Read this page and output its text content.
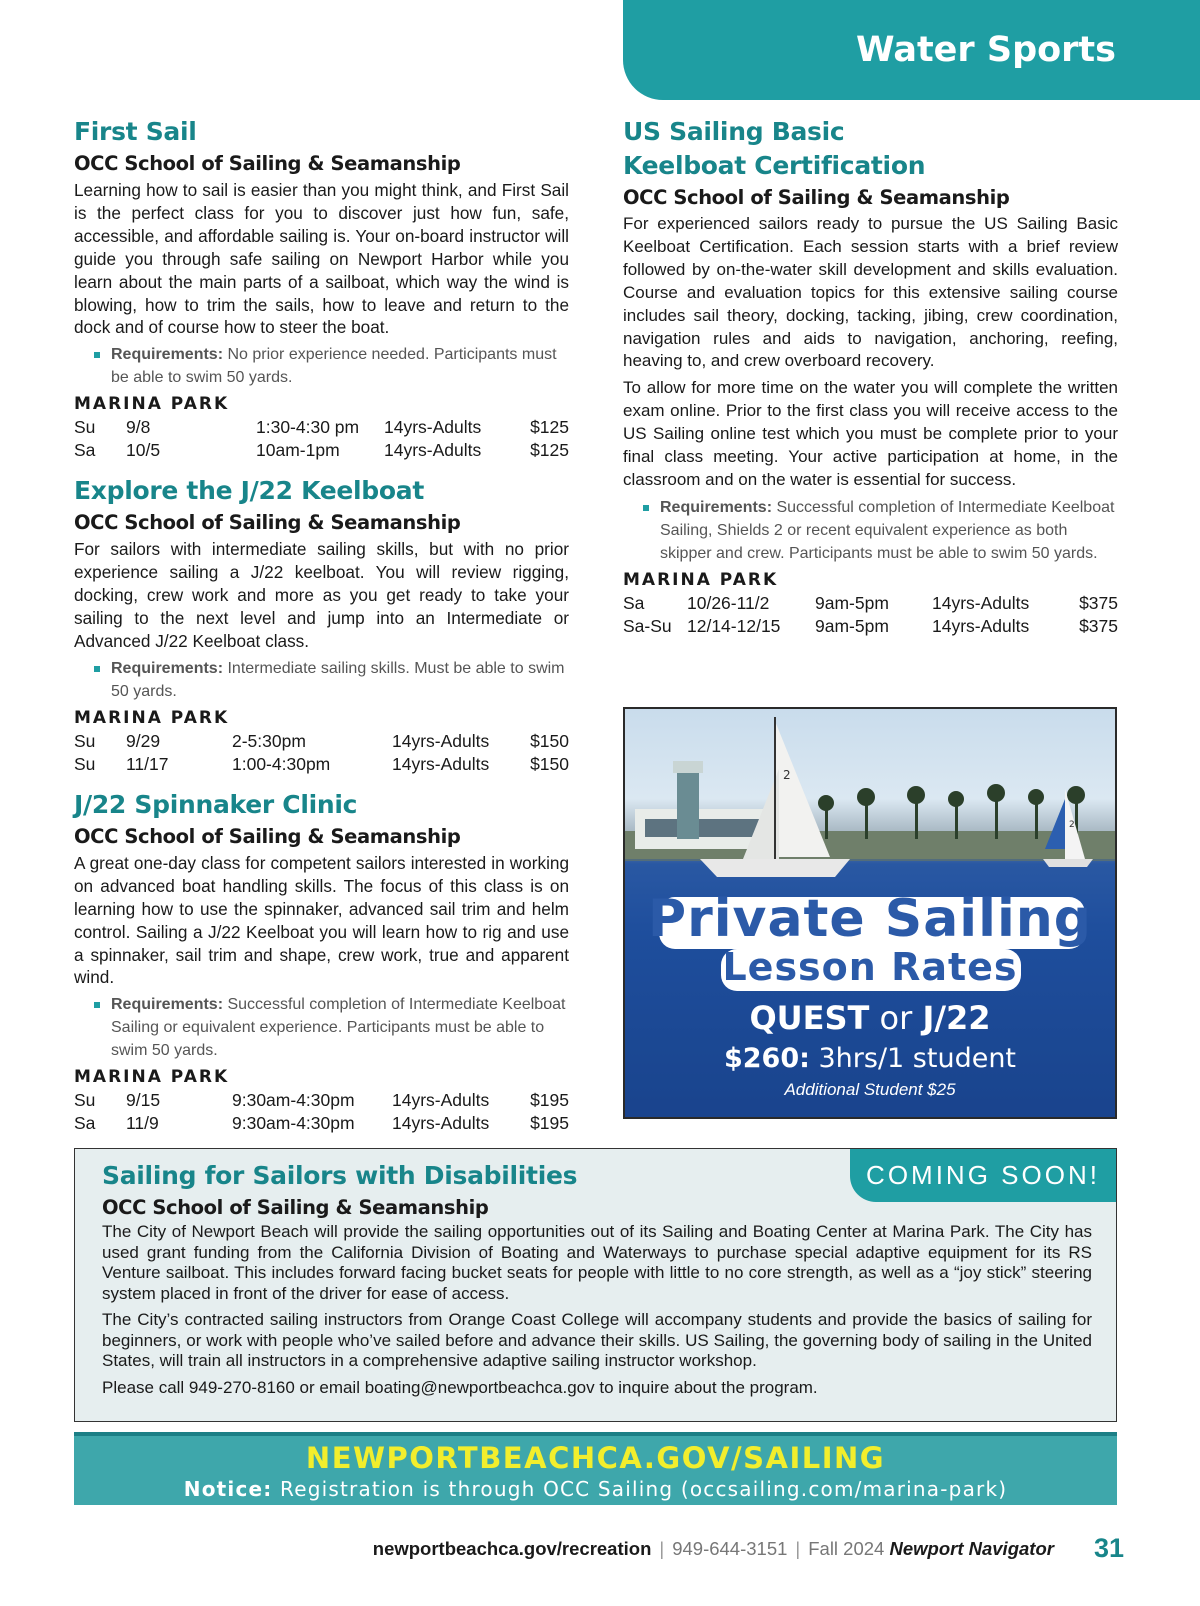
Water Sports
First Sail
OCC School of Sailing & Seamanship
Learning how to sail is easier than you might think, and First Sail is the perfect class for you to discover just how fun, safe, accessible, and affordable sailing is. Your on-board instructor will guide you through safe sailing on Newport Harbor while you learn about the main parts of a sailboat, which way the wind is blowing, how to trim the sails, how to leave and return to the dock and of course how to steer the boat.
Requirements: No prior experience needed. Participants must be able to swim 50 yards.
MARINA PARK
Su 9/8	1:30-4:30 pm 14yrs-Adults	$125
Sa 10/5	10am-1pm	14yrs-Adults	$125
Explore the J/22 Keelboat
OCC School of Sailing & Seamanship
For sailors with intermediate sailing skills, but with no prior experience sailing a J/22 keelboat. You will review rigging, docking, crew work and more as you get ready to take your sailing to the next level and jump into an Intermediate or Advanced J/22 Keelboat class.
Requirements: Intermediate sailing skills. Must be able to swim 50 yards.
MARINA PARK
Su 9/29	2-5:30pm	14yrs-Adults $150
Su 11/17	1:00-4:30pm	14yrs-Adults $150
J/22 Spinnaker Clinic
OCC School of Sailing & Seamanship
A great one-day class for competent sailors interested in working on advanced boat handling skills. The focus of this class is on learning how to use the spinnaker, advanced sail trim and helm control. Sailing a J/22 Keelboat you will learn how to rig and use a spinnaker, sail trim and shape, crew work, true and apparent wind.
Requirements: Successful completion of Intermediate Keelboat Sailing or equivalent experience. Participants must be able to swim 50 yards.
MARINA PARK
Su 9/15	9:30am-4:30pm 14yrs-Adults $195
Sa 11/9	9:30am-4:30pm 14yrs-Adults $195
US Sailing Basic
Keelboat Certification
OCC School of Sailing & Seamanship
For experienced sailors ready to pursue the US Sailing Basic Keelboat Certification. Each session starts with a brief review followed by on-the-water skill development and skills evaluation. Course and evaluation topics for this extensive sailing course includes sail theory, docking, tacking, jibing, crew coordination, navigation rules and aids to navigation, anchoring, reefing, heaving to, and crew overboard recovery.
To allow for more time on the water you will complete the written exam online. Prior to the first class you will receive access to the US Sailing online test which you must be complete prior to your final class meeting. Your active participation at home, in the classroom and on the water is essential for success.
Requirements: Successful completion of Intermediate Keelboat Sailing, Shields 2 or recent equivalent experience as both skipper and crew. Participants must be able to swim 50 yards.
MARINA PARK
Sa 10/26-11/2	9am-5pm 14yrs-Adults	$375
Sa-Su 12/14-12/15 9am-5pm 14yrs-Adults	$375
2
2
Private Sailing
Lesson Rates
QUEST or J/22
$260: 3hrs/1 student
Additional Student $25
COMING SOON!
Sailing for Sailors with Disabilities
OCC School of Sailing & Seamanship
The City of Newport Beach will provide the sailing opportunities out of its Sailing and Boating Center at Marina Park. The City has used grant funding from the California Division of Boating and Waterways to purchase special adaptive equipment for its RS Venture sailboat. This includes forward facing bucket seats for people with little to no core strength, as well as a “joy stick” steering system placed in front of the driver for ease of access.
The City’s contracted sailing instructors from Orange Coast College will accompany students and provide the basics of sailing for beginners, or work with people who’ve sailed before and advance their skills. US Sailing, the governing body of sailing in the United States, will train all instructors in a comprehensive adaptive sailing instructor workshop.
Please call 949-270-8160 or email boating@newportbeachca.gov to inquire about the program.
NEWPORTBEACHCA.GOV/SAILING
Notice: Registration is through OCC Sailing (occsailing.com/marina-park)
newportbeachca.gov/recreation | 949-644-3151 | Fall 2024 Newport Navigator 31
